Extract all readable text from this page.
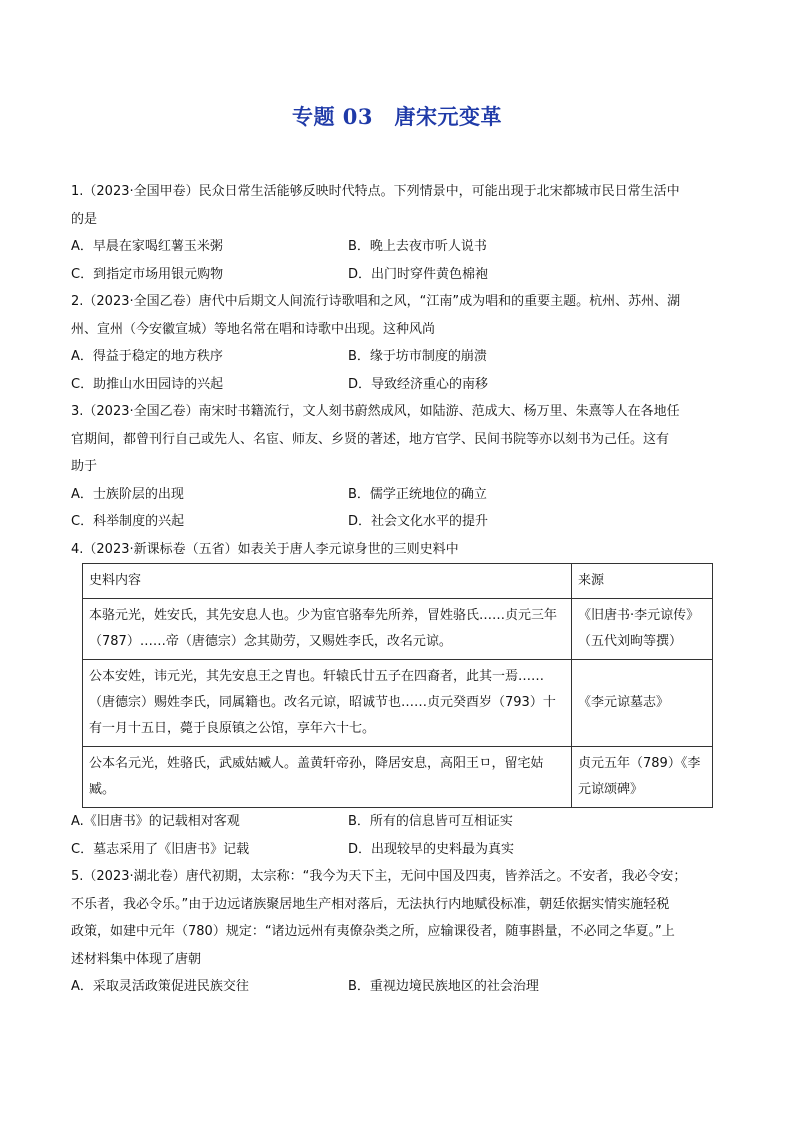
专题 03　唐宋元变革
1.（2023·全国甲卷）民众日常生活能够反映时代特点。下列情景中，可能出现于北宋都城市民日常生活中
的是
A．早晨在家喝红薯玉米粥	B．晚上去夜市听人说书
C．到指定市场用银元购物	D．出门时穿件黄色棉袍
2.（2023·全国乙卷）唐代中后期文人间流行诗歌唱和之风，“江南”成为唱和的重要主题。杭州、苏州、湖
州、宣州（今安徽宣城）等地名常在唱和诗歌中出现。这种风尚
A．得益于稳定的地方秩序	B．缘于坊市制度的崩溃
C．助推山水田园诗的兴起	D．导致经济重心的南移
3.（2023·全国乙卷）南宋时书籍流行，文人刻书蔚然成风，如陆游、范成大、杨万里、朱熹等人在各地任
官期间，都曾刊行自己或先人、名宦、师友、乡贤的著述，地方官学、民间书院等亦以刻书为己任。这有
助于
A．士族阶层的出现	B．儒学正统地位的确立
C．科举制度的兴起	D．社会文化水平的提升
4.（2023·新课标卷（五省）如表关于唐人李元谅身世的三则史料中
史料内容	来源
本骆元光，姓安氏，其先安息人也。少为宦官骆奉先所养，冒姓骆氏……贞元三年（787）……帝（唐德宗）念其勋劳，又赐姓李氏，改名元谅。	《旧唐书·李元谅传》（五代刘昫等撰）
公本安姓，讳元光，其先安息王之胄也。轩辕氏廿五子在四裔者，此其一焉……（唐德宗）赐姓李氏，同属籍也。改名元谅，昭诚节也……贞元癸酉岁（793）十有一月十五日，薨于良原镇之公馆，享年六十七。	《李元谅墓志》
公本名元光，姓骆氏，武威姑臧人。盖黄轩帝孙，降居安息，高阳王ㅁ，留宅姑臧。	贞元五年（789）《李元谅颂碑》
A.《旧唐书》的记载相对客观	B．所有的信息皆可互相证实
C．墓志采用了《旧唐书》记载	D．出现较早的史料最为真实
5.（2023·湖北卷）唐代初期，太宗称：“我今为天下主，无问中国及四夷，皆养活之。不安者，我必令安；
不乐者，我必令乐。”由于边远诸族聚居地生产相对落后，无法执行内地赋役标准，朝廷依据实情实施轻税
政策，如建中元年（780）规定：“诸边远州有夷僚杂类之所，应输课役者，随事斟量，不必同之华夏。”上
述材料集中体现了唐朝
A．采取灵活政策促进民族交往	B．重视边境民族地区的社会治理
